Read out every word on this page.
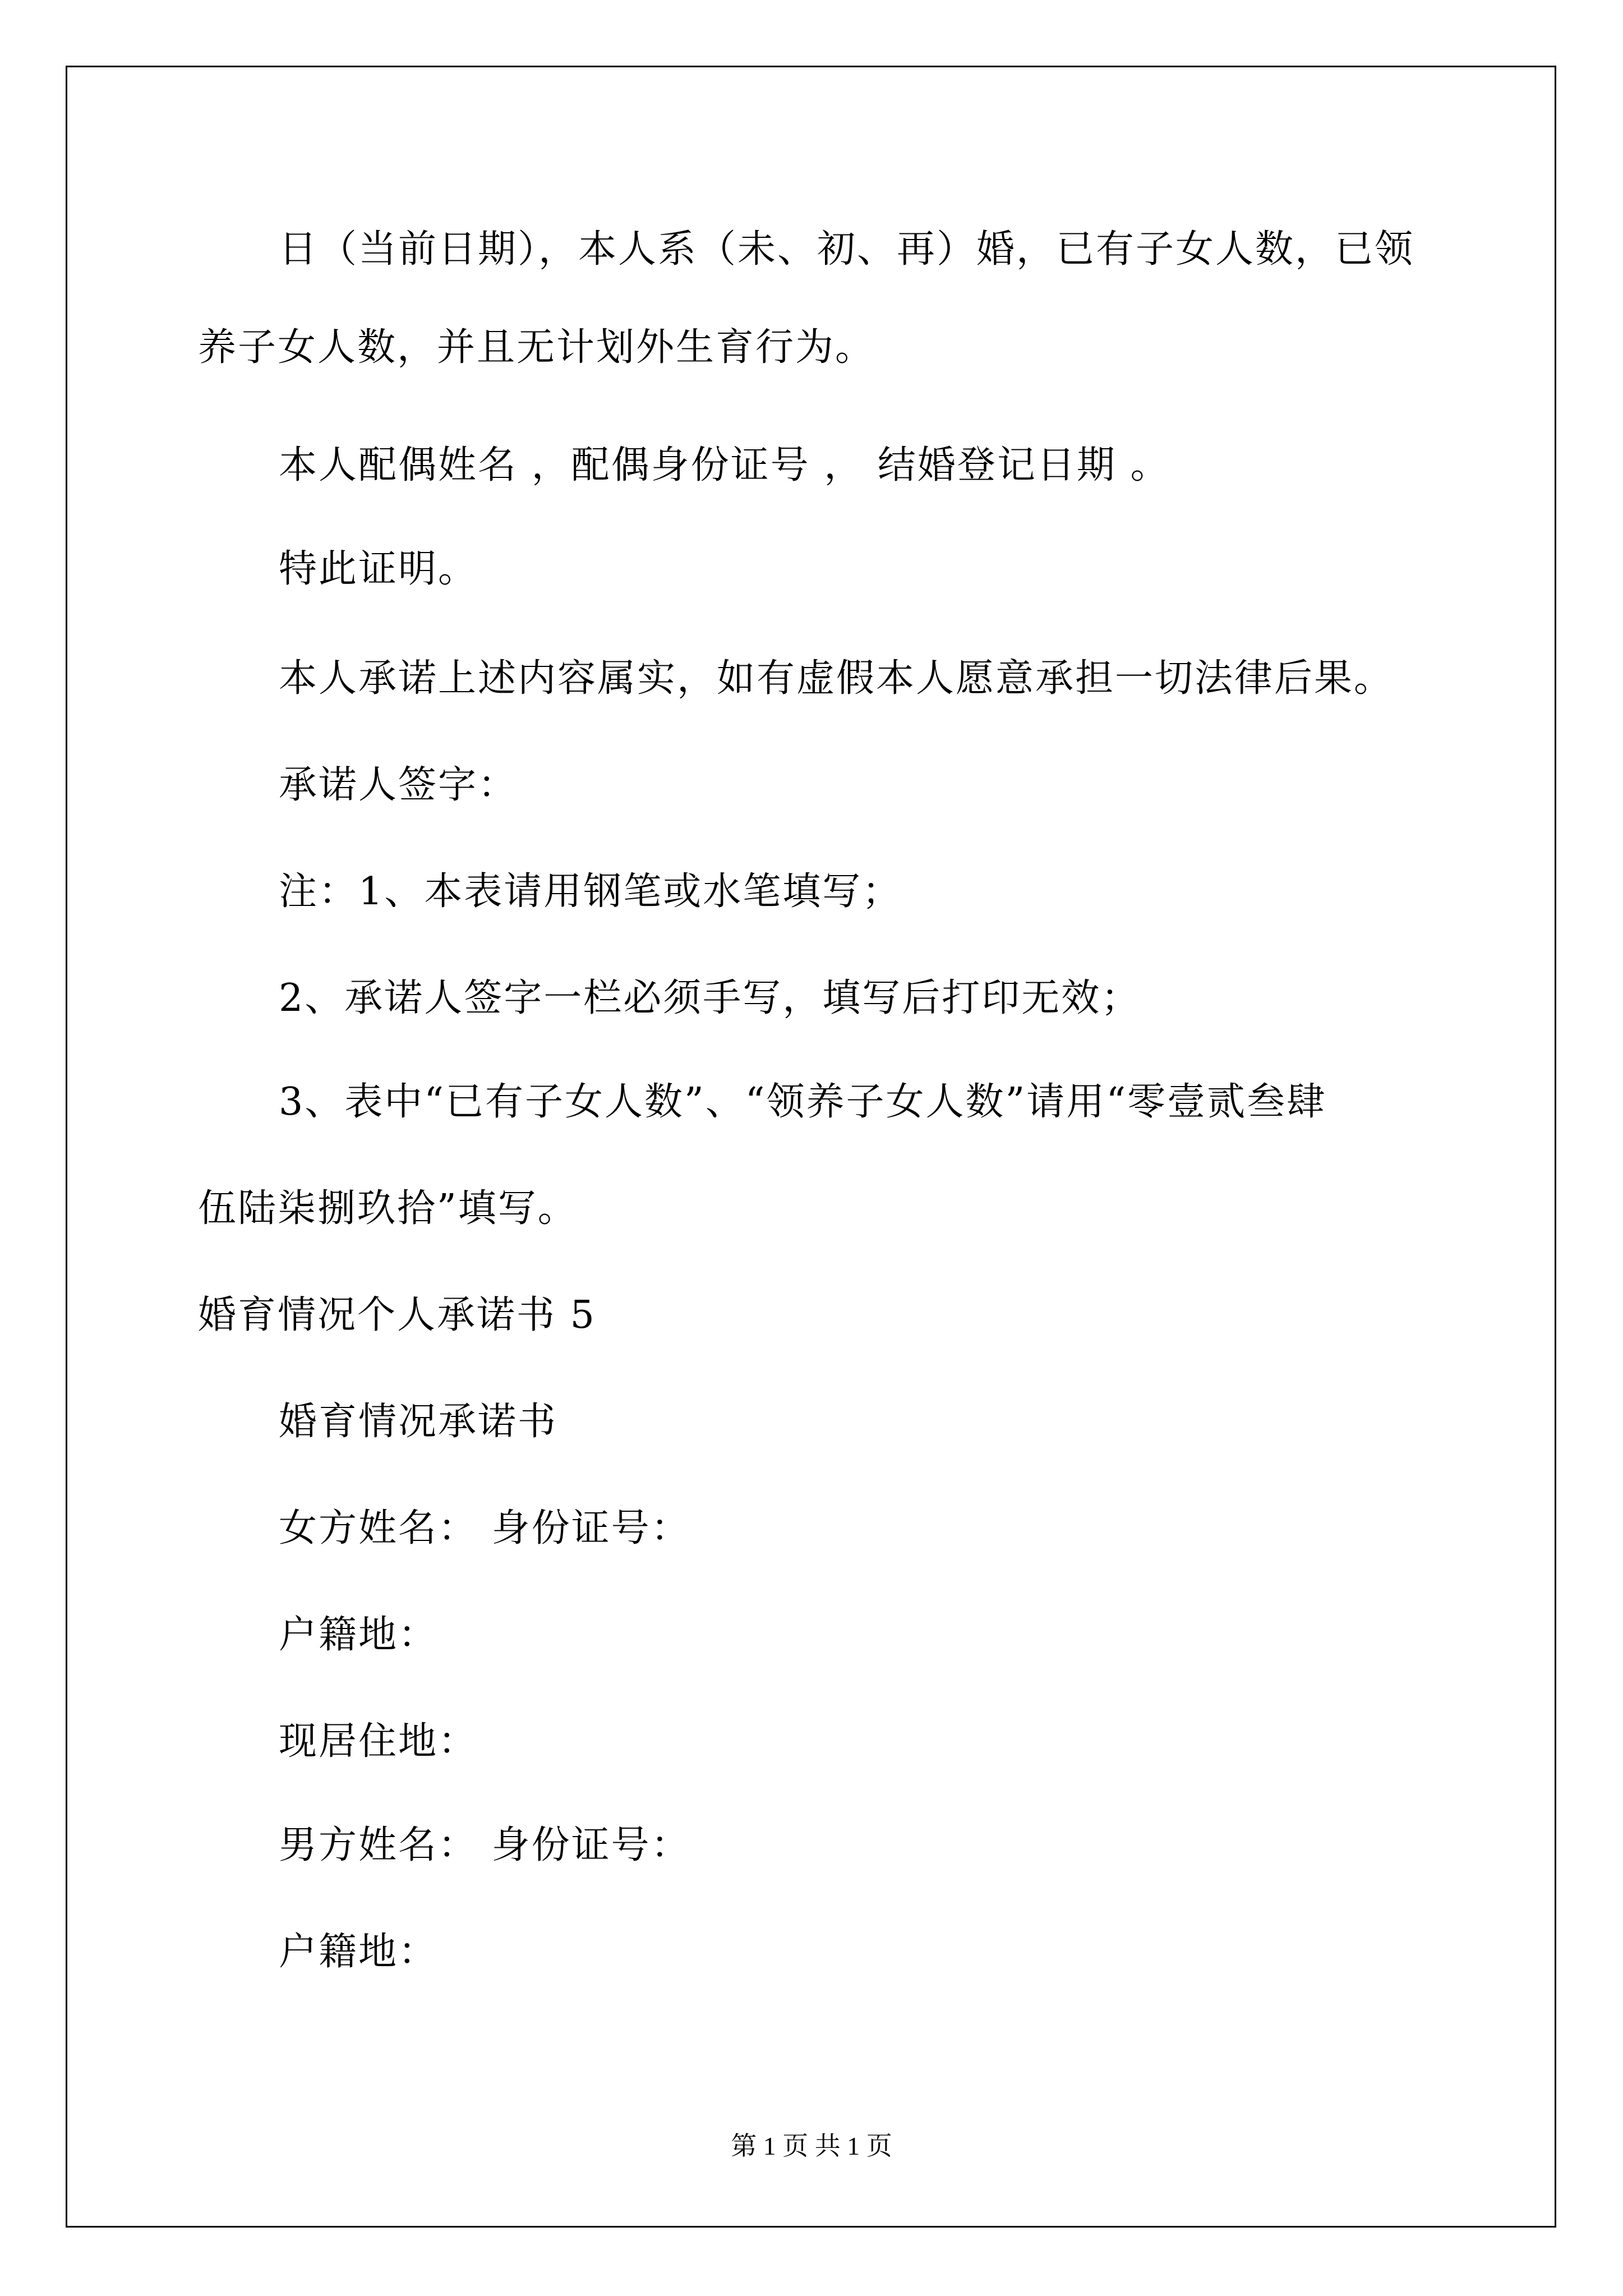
日（当前日期），本人系（未、初、再）婚，已有子女人数，已领
养子女人数，并且无计划外生育行为。
本人配偶姓名 ，配偶身份证号 ， 结婚登记日期 。
特此证明。
本人承诺上述内容属实，如有虚假本人愿意承担一切法律后果。
承诺人签字：
注：1、本表请用钢笔或水笔填写；
2、承诺人签字一栏必须手写，填写后打印无效；
3、表中“已有子女人数”、“领养子女人数”请用“零壹贰叁肆
伍陆柒捌玖拾”填写。
婚育情况个人承诺书 5
婚育情况承诺书
女方姓名： 身份证号：
户籍地：
现居住地：
男方姓名： 身份证号：
户籍地：
第 1 页 共 1 页
